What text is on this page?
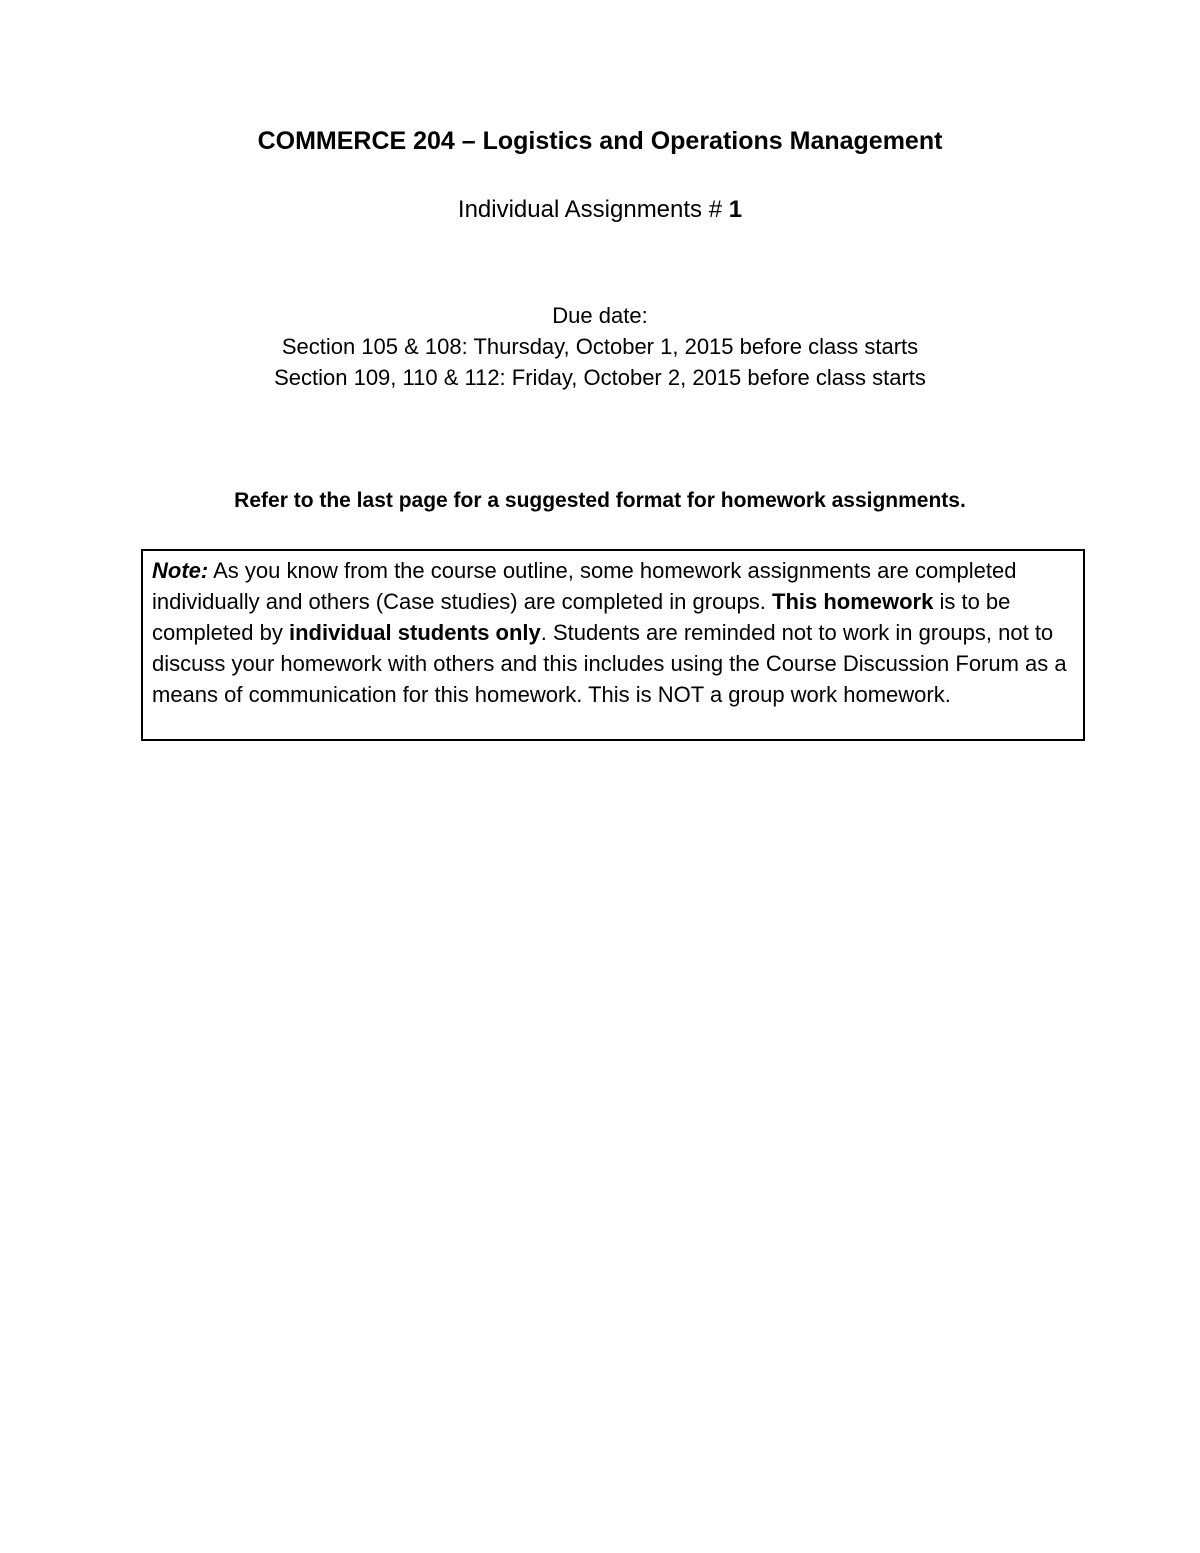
COMMERCE 204 – Logistics and Operations Management
Individual Assignments # 1
Due date:
Section 105 & 108: Thursday, October 1, 2015 before class starts
Section 109, 110 & 112: Friday, October 2, 2015 before class starts
Refer to the last page for a suggested format for homework assignments.
Note: As you know from the course outline, some homework assignments are completed individually and others (Case studies) are completed in groups. This homework is to be completed by individual students only. Students are reminded not to work in groups, not to discuss your homework with others and this includes using the Course Discussion Forum as a means of communication for this homework. This is NOT a group work homework.
